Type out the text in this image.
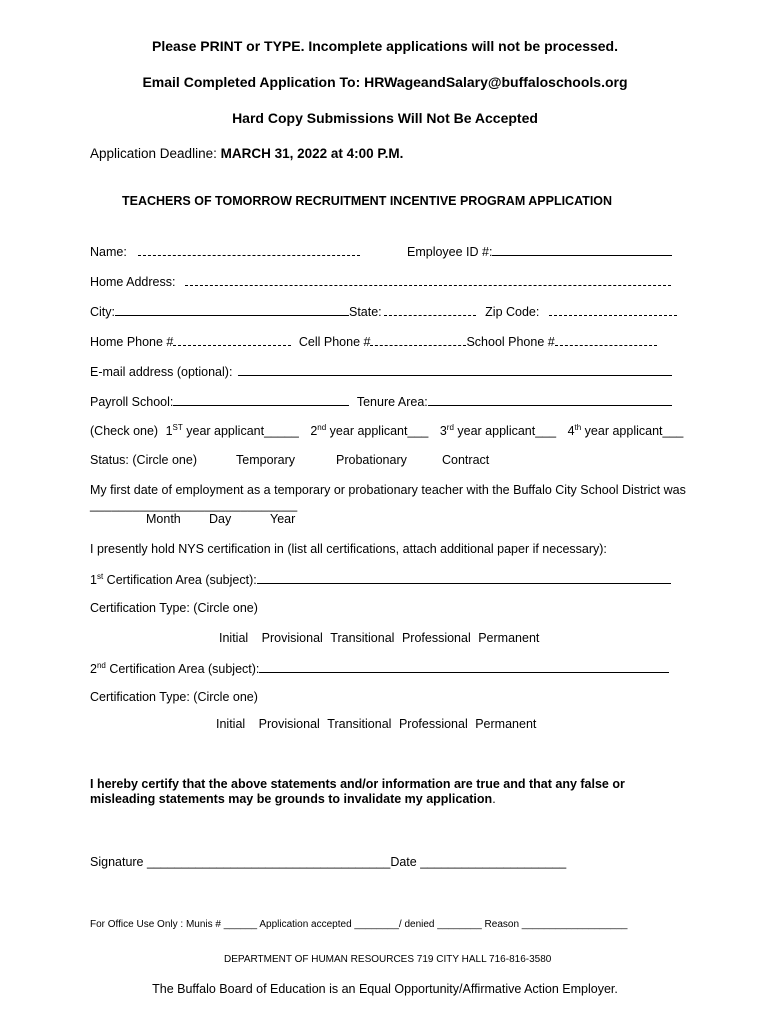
Please PRINT or TYPE. Incomplete applications will not be processed.
Email Completed Application To: HRWageandSalary@buffaloschools.org
Hard Copy Submissions Will Not Be Accepted
Application Deadline: MARCH 31, 2022 at 4:00 P.M.
TEACHERS OF TOMORROW RECRUITMENT INCENTIVE PROGRAM APPLICATION
Name:	Employee ID #:
Home Address:
City:	State:	Zip Code:
Home Phone #	Cell Phone #	School Phone #
E-mail address (optional):
Payroll School:	Tenure Area:
(Check one) 1ST year applicant_____ 2nd year applicant___ 3rd year applicant___ 4th year applicant___
Status: (Circle one)	Temporary	Probationary	Contract
My first date of employment as a temporary or probationary teacher with the Buffalo City School District was
_____________________________
Month Day	Year
I presently hold NYS certification in (list all certifications, attach additional paper if necessary):
1st Certification Area (subject):
Certification Type: (Circle one)
Initial Provisional Transitional Professional Permanent
2nd Certification Area (subject):
Certification Type: (Circle one)
Initial Provisional Transitional Professional Permanent
I hereby certify that the above statements and/or information are true and that any false or
misleading statements may be grounds to invalidate my application.
Signature ___________________________________Date _____________________
For Office Use Only : Munis # ______ Application accepted ________/ denied ________ Reason ___________________
DEPARTMENT OF HUMAN RESOURCES 719 CITY HALL 716-816-3580
The Buffalo Board of Education is an Equal Opportunity/Affirmative Action Employer.
